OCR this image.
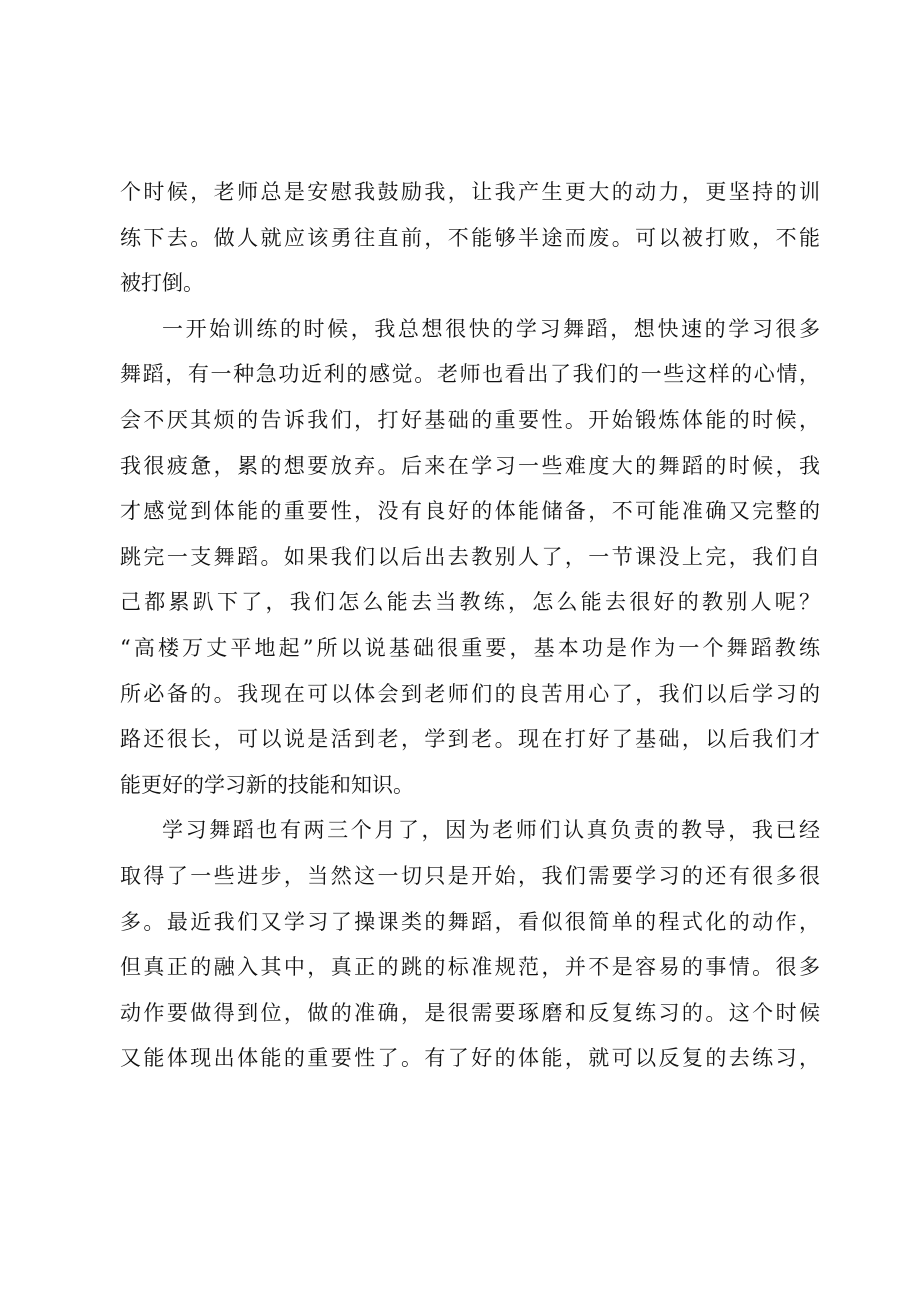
个时候，老师总是安慰我鼓励我，让我产生更大的动力，更坚持的训
练下去。做人就应该勇往直前，不能够半途而废。可以被打败，不能
被打倒。
一开始训练的时候，我总想很快的学习舞蹈，想快速的学习很多
舞蹈，有一种急功近利的感觉。老师也看出了我们的一些这样的心情，
会不厌其烦的告诉我们，打好基础的重要性。开始锻炼体能的时候，
我很疲惫，累的想要放弃。后来在学习一些难度大的舞蹈的时候，我
才感觉到体能的重要性，没有良好的体能储备，不可能准确又完整的
跳完一支舞蹈。如果我们以后出去教别人了，一节课没上完，我们自
己都累趴下了，我们怎么能去当教练，怎么能去很好的教别人呢？
“高楼万丈平地起”所以说基础很重要，基本功是作为一个舞蹈教练
所必备的。我现在可以体会到老师们的良苦用心了，我们以后学习的
路还很长，可以说是活到老，学到老。现在打好了基础，以后我们才
能更好的学习新的技能和知识。
学习舞蹈也有两三个月了，因为老师们认真负责的教导，我已经
取得了一些进步，当然这一切只是开始，我们需要学习的还有很多很
多。最近我们又学习了操课类的舞蹈，看似很简单的程式化的动作，
但真正的融入其中，真正的跳的标准规范，并不是容易的事情。很多
动作要做得到位，做的准确，是很需要琢磨和反复练习的。这个时候
又能体现出体能的重要性了。有了好的体能，就可以反复的去练习，
